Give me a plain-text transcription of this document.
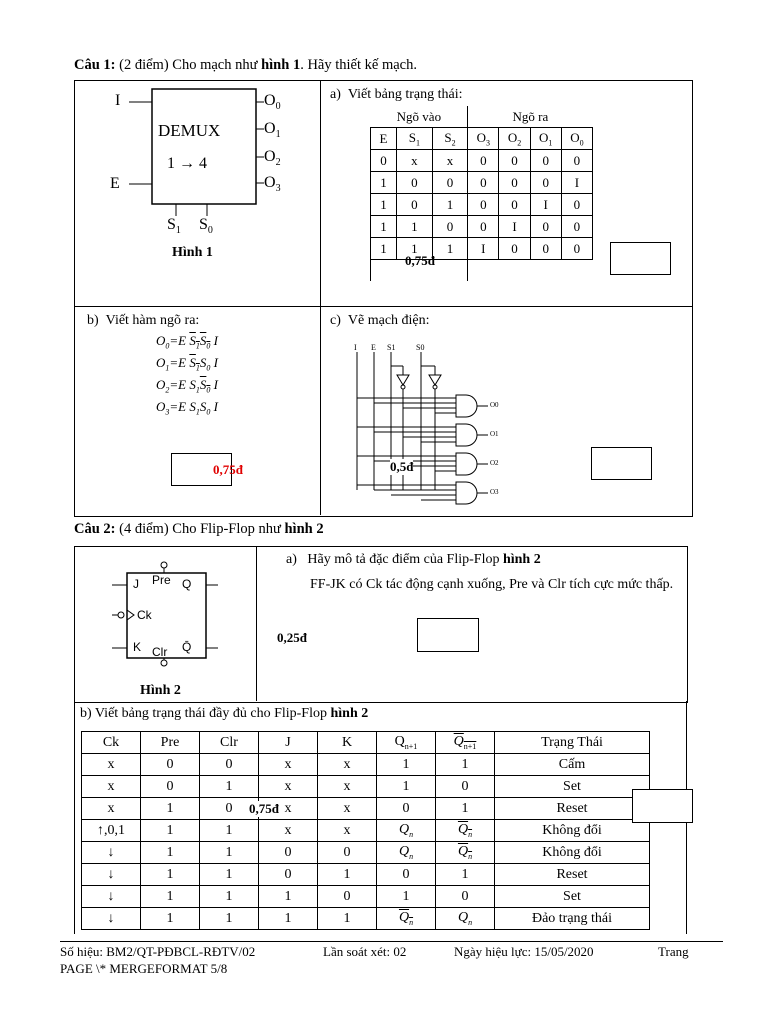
Câu 1: (2 điểm) Cho mạch như hình 1. Hãy thiết kế mạch.
DEMUX
1 → 4
I
E
$O_0$
$O_1$
$O_2$
$O_3$
$S_1$ $S_0$
Hình 1
a) Viết bảng trạng thái:
Ngõ vào			Ngõ ra			
E	$S_1$	$S_2$	$O_3$	$O_2$	$O_1$	$O_0$
0	x	x	0	0	0	0
1	0	0	0	0	0	I
1	0	1	0	0	I	0
1	1	0	0	I	0	0
1	1	1	I	0	0	0

0,75đ
b) Viết hàm ngõ ra:
$O_0=E$ $S_1S_0$ I
$O_1=E$ $S_1S_0$ I
$O_2=E$ $S_1S_0$ I
$O_3=E$ $S_1S_0$ I
0,75đ
c) Vẽ mạch điện:
I E S1	S0
O0
O1
O2
O3
0,5đ
Câu 2: (4 điểm) Cho Flip-Flop như hình 2
J Pre Q
Ck
K Clr Q̄
Hình 2
a) Hãy mô tả đặc điểm của Flip-Flop hình 2
FF-JK có Ck tác động cạnh xuống, Pre và Clr tích cực mức thấp.
0,25đ
b) Viết bảng trạng thái đầy đủ cho Flip-Flop hình 2
Ck	Pre	Clr	J	K	$Q_{n+1}$	$Q_{n+1}$	Trạng Thái
x	0	0	x	x	1	1	Cấm
x	0	1	x	x	1	0	Set
x	1	0	x	x	0	1	Reset
↑,0,1	1	1	x	x	$Q_n$	$Q_n$	Không đổi
↓	1	1	0	0	$Q_n$	$Q_n$	Không đổi
↓	1	1	0	1	0	1	Reset
↓	1	1	1	0	1	0	Set
↓	1	1	1	1	$Q_n$	$Q_n$	Đảo trạng thái
0,75đ
Số hiệu: BM2/QT-PĐBCL-RĐTV/02	Lần soát xét: 02	Ngày hiệu lực: 15/05/2020	Trang
PAGE \* MERGEFORMAT 5/8
